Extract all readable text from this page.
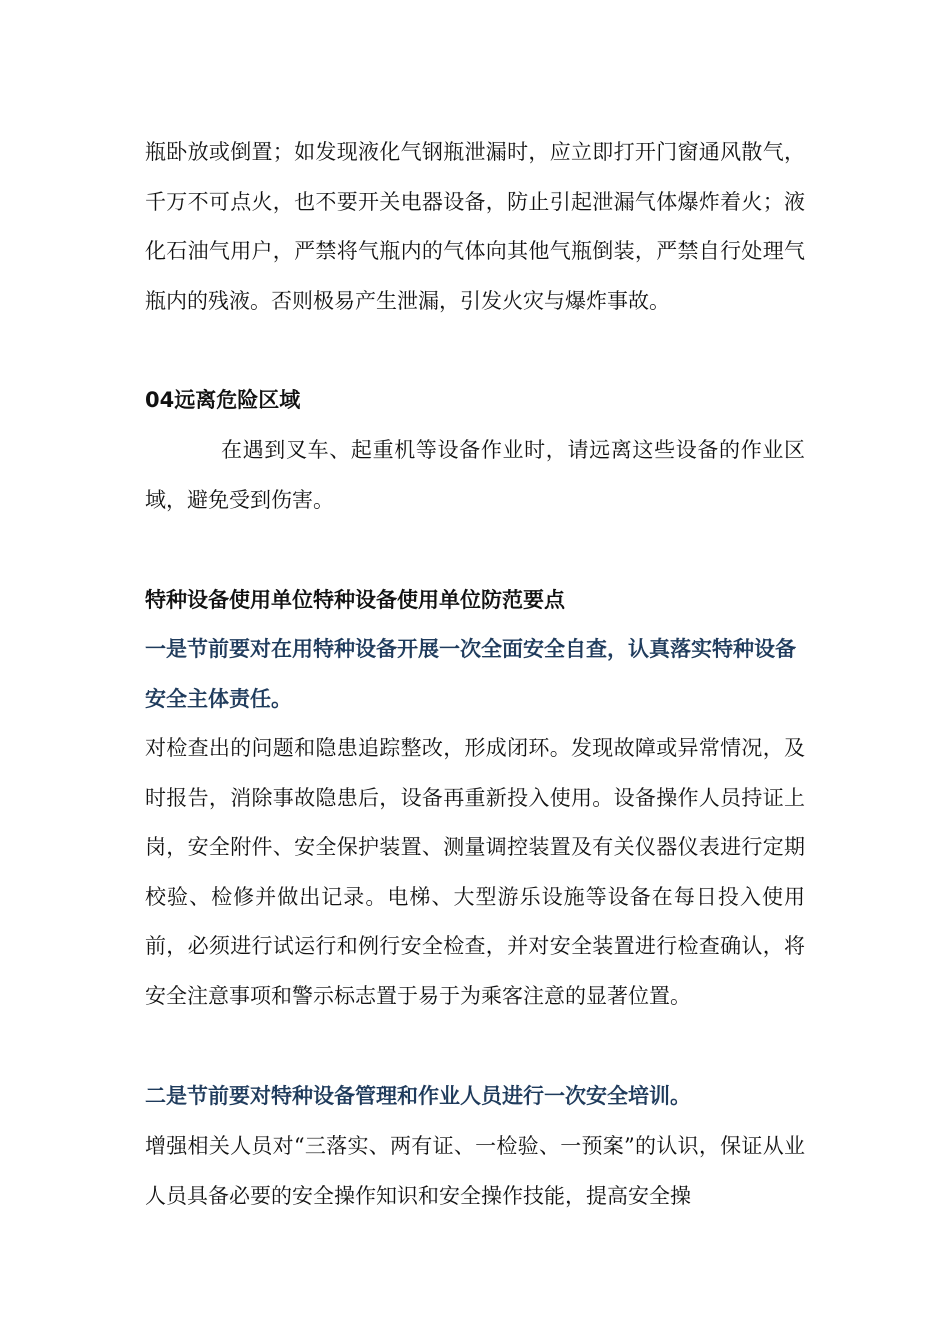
瓶卧放或倒置；如发现液化气钢瓶泄漏时，应立即打开门窗通风散气，千万不可点火，也不要开关电器设备，防止引起泄漏气体爆炸着火；液化石油气用户，严禁将气瓶内的气体向其他气瓶倒装，严禁自行处理气瓶内的残液。否则极易产生泄漏，引发火灾与爆炸事故。

04远离危险区域

在遇到叉车、起重机等设备作业时，请远离这些设备的作业区域，避免受到伤害。

特种设备使用单位特种设备使用单位防范要点

一是节前要对在用特种设备开展一次全面安全自查，认真落实特种设备安全主体责任。

对检查出的问题和隐患追踪整改，形成闭环。发现故障或异常情况，及时报告，消除事故隐患后，设备再重新投入使用。设备操作人员持证上岗，安全附件、安全保护装置、测量调控装置及有关仪器仪表进行定期校验、检修并做出记录。电梯、大型游乐设施等设备在每日投入使用前，必须进行试运行和例行安全检查，并对安全装置进行检查确认，将安全注意事项和警示标志置于易于为乘客注意的显著位置。

二是节前要对特种设备管理和作业人员进行一次安全培训。

增强相关人员对“三落实、两有证、一检验、一预案”的认识，保证从业人员具备必要的安全操作知识和安全操作技能，提高安全操
